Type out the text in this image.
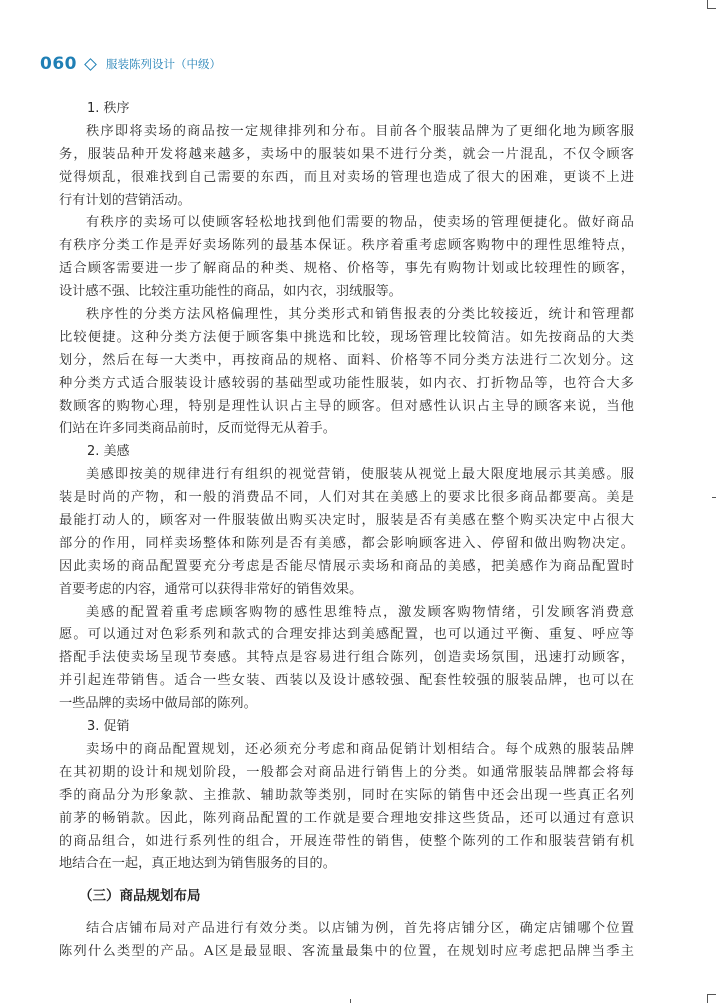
060	服装陈列设计（中级）
1. 秩序
秩序即将卖场的商品按一定规律排列和分布。目前各个服装品牌为了更细化地为顾客服
务，服装品种开发将越来越多，卖场中的服装如果不进行分类，就会一片混乱，不仅令顾客
觉得烦乱，很难找到自己需要的东西，而且对卖场的管理也造成了很大的困难，更谈不上进
行有计划的营销活动。
有秩序的卖场可以使顾客轻松地找到他们需要的物品，使卖场的管理便捷化。做好商品
有秩序分类工作是弄好卖场陈列的最基本保证。秩序着重考虑顾客购物中的理性思维特点，
适合顾客需要进一步了解商品的种类、规格、价格等，事先有购物计划或比较理性的顾客，
设计感不强、比较注重功能性的商品，如内衣，羽绒服等。
秩序性的分类方法风格偏理性，其分类形式和销售报表的分类比较接近，统计和管理都
比较便捷。这种分类方法便于顾客集中挑选和比较，现场管理比较简洁。如先按商品的大类
划分，然后在每一大类中，再按商品的规格、面料、价格等不同分类方法进行二次划分。这
种分类方式适合服装设计感较弱的基础型或功能性服装，如内衣、打折物品等，也符合大多
数顾客的购物心理，特别是理性认识占主导的顾客。但对感性认识占主导的顾客来说，当他
们站在许多同类商品前时，反而觉得无从着手。
2. 美感
美感即按美的规律进行有组织的视觉营销，使服装从视觉上最大限度地展示其美感。服
装是时尚的产物，和一般的消费品不同，人们对其在美感上的要求比很多商品都要高。美是
最能打动人的，顾客对一件服装做出购买决定时，服装是否有美感在整个购买决定中占很大
部分的作用，同样卖场整体和陈列是否有美感，都会影响顾客进入、停留和做出购物决定。
因此卖场的商品配置要充分考虑是否能尽情展示卖场和商品的美感，把美感作为商品配置时
首要考虑的内容，通常可以获得非常好的销售效果。
美感的配置着重考虑顾客购物的感性思维特点，激发顾客购物情绪，引发顾客消费意
愿。可以通过对色彩系列和款式的合理安排达到美感配置，也可以通过平衡、重复、呼应等
搭配手法使卖场呈现节奏感。其特点是容易进行组合陈列，创造卖场氛围，迅速打动顾客，
并引起连带销售。适合一些女装、西装以及设计感较强、配套性较强的服装品牌，也可以在
一些品牌的卖场中做局部的陈列。
3. 促销
卖场中的商品配置规划，还必须充分考虑和商品促销计划相结合。每个成熟的服装品牌
在其初期的设计和规划阶段，一般都会对商品进行销售上的分类。如通常服装品牌都会将每
季的商品分为形象款、主推款、辅助款等类别，同时在实际的销售中还会出现一些真正名列
前茅的畅销款。因此，陈列商品配置的工作就是要合理地安排这些货品，还可以通过有意识
的商品组合，如进行系列性的组合，开展连带性的销售，使整个陈列的工作和服装营销有机
地结合在一起，真正地达到为销售服务的目的。
（三）商品规划布局
结合店铺布局对产品进行有效分类。以店铺为例，首先将店铺分区，确定店铺哪个位置
陈列什么类型的产品。A区是最显眼、客流量最集中的位置，在规划时应考虑把品牌当季主
